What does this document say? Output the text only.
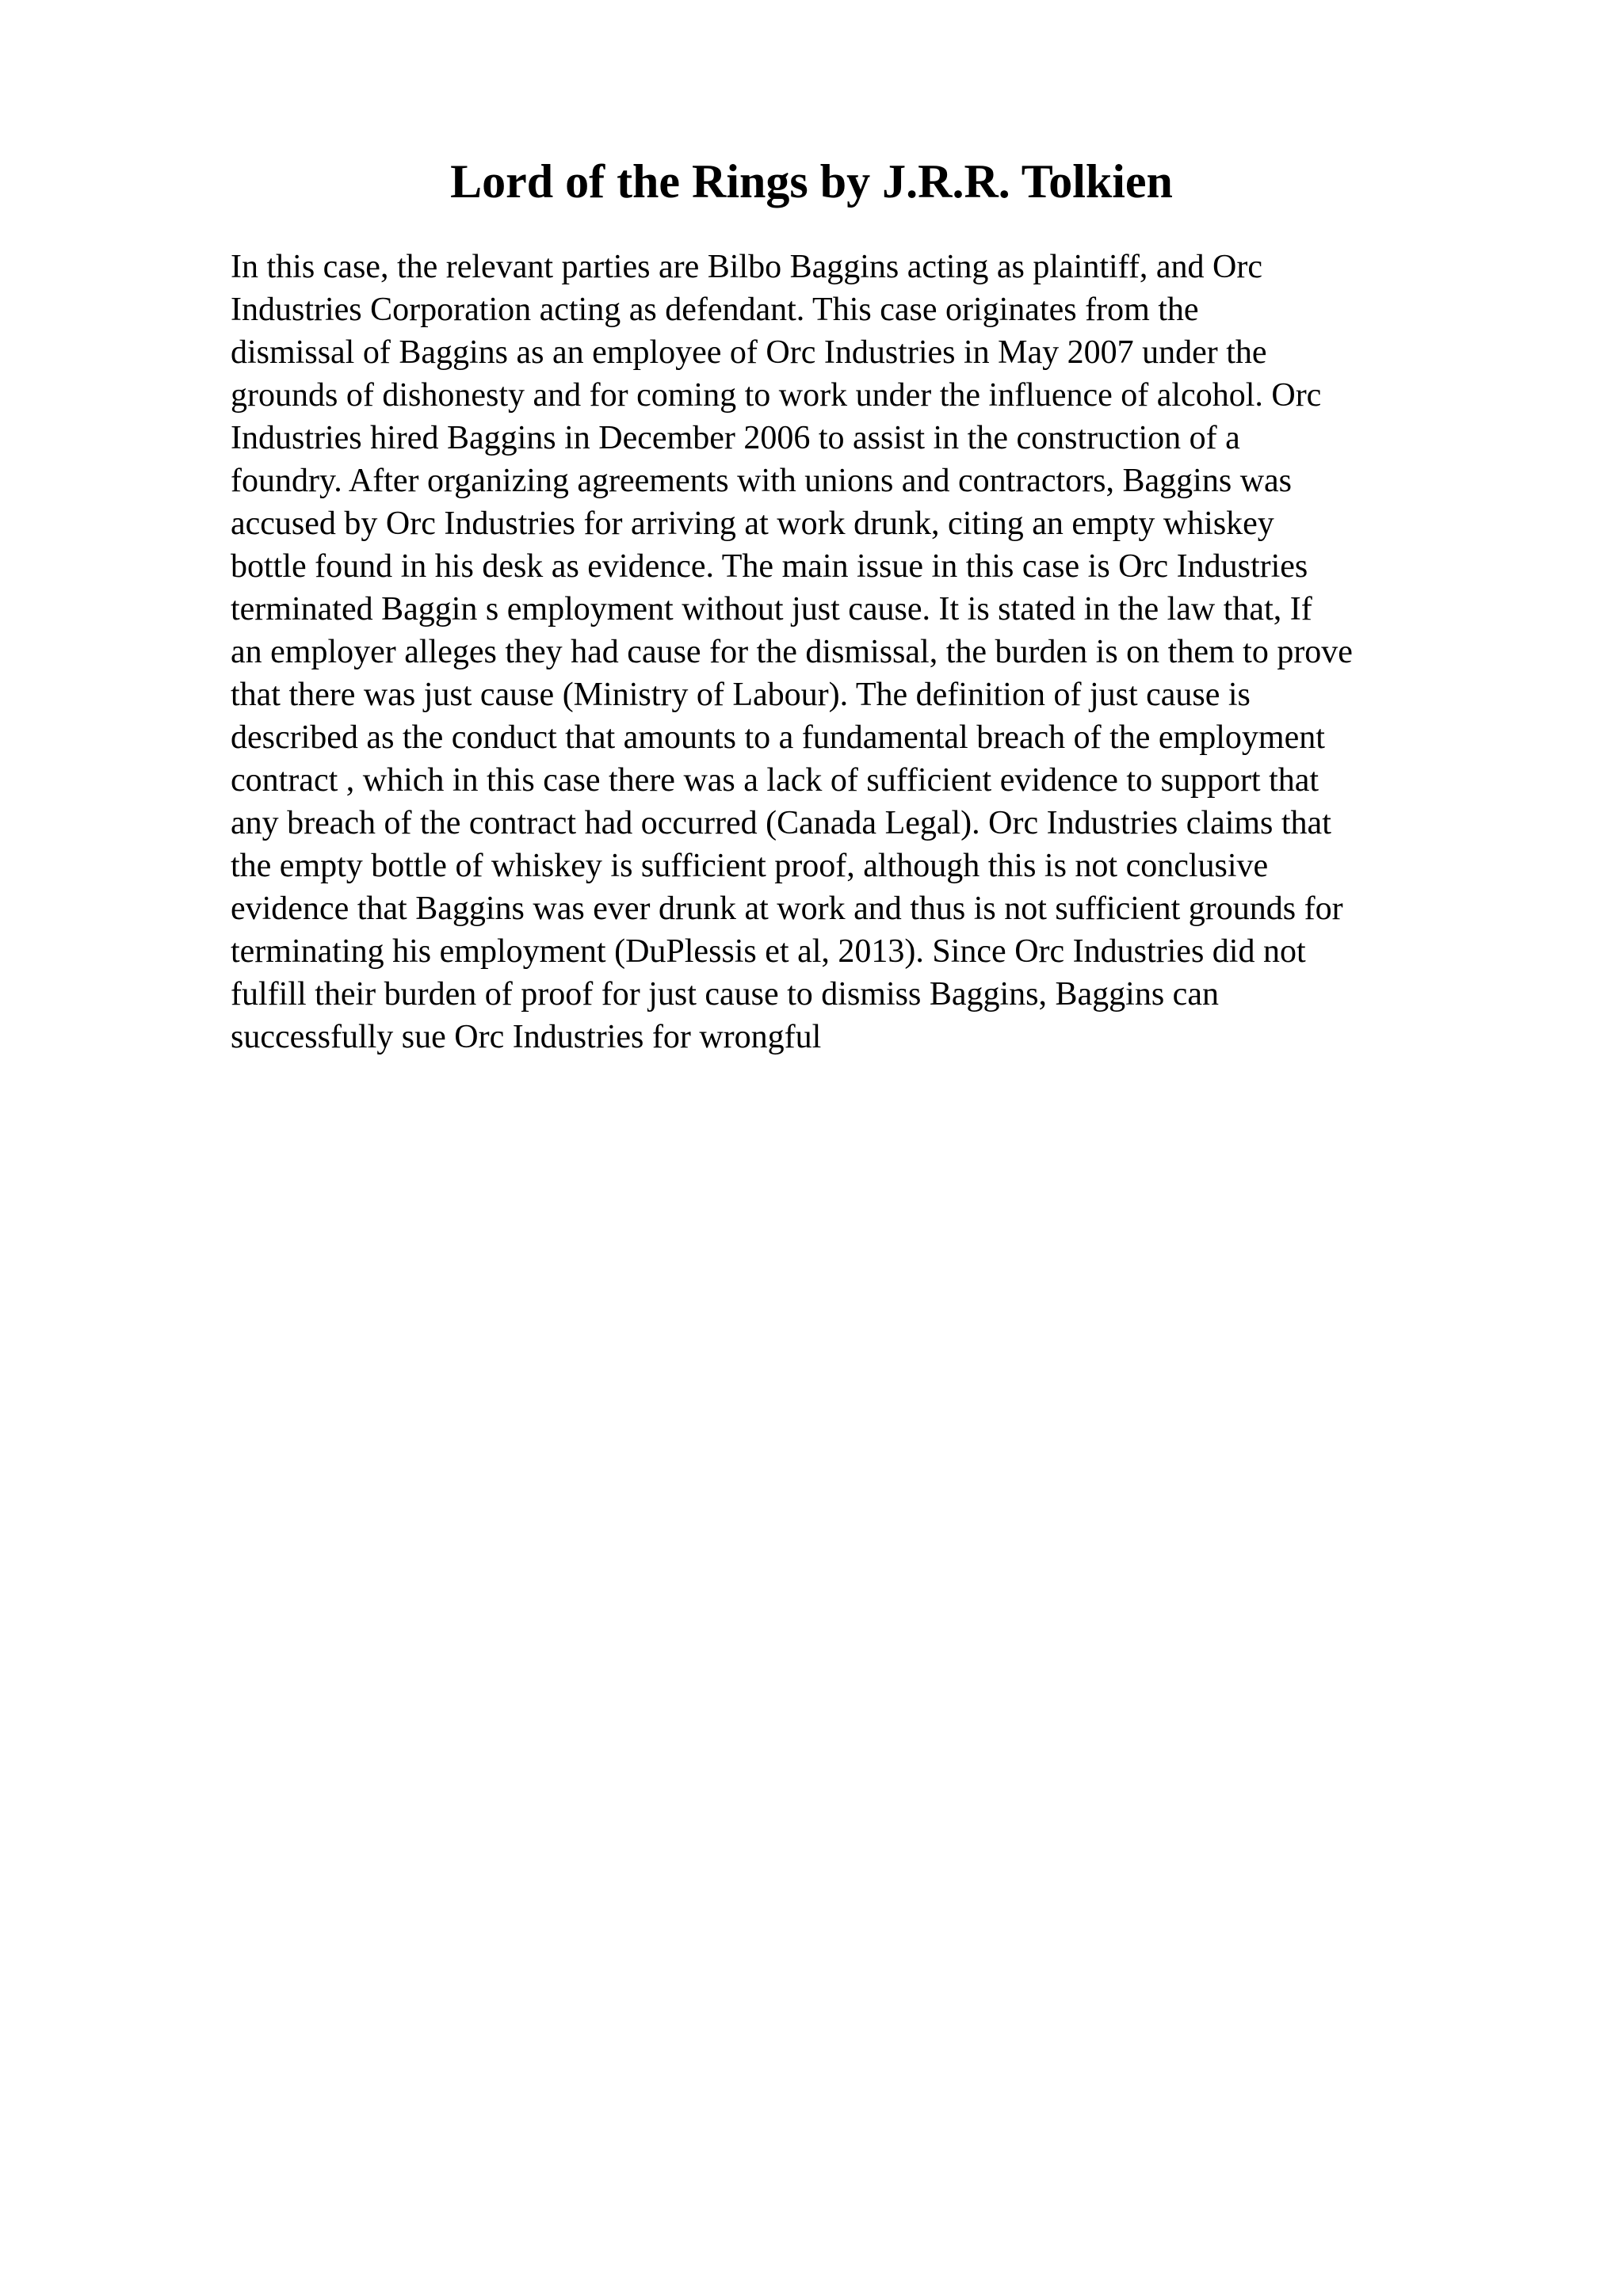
Lord of the Rings by J.R.R. Tolkien
In this case, the relevant parties are Bilbo Baggins acting as plaintiff, and Orc
Industries Corporation acting as defendant. This case originates from the
dismissal of Baggins as an employee of Orc Industries in May 2007 under the
grounds of dishonesty and for coming to work under the influence of alcohol. Orc
Industries hired Baggins in December 2006 to assist in the construction of a
foundry. After organizing agreements with unions and contractors, Baggins was
accused by Orc Industries for arriving at work drunk, citing an empty whiskey
bottle found in his desk as evidence. The main issue in this case is Orc Industries
terminated Baggin s employment without just cause. It is stated in the law that, If
an employer alleges they had cause for the dismissal, the burden is on them to prove
that there was just cause (Ministry of Labour). The definition of just cause is
described as the conduct that amounts to a fundamental breach of the employment
contract , which in this case there was a lack of sufficient evidence to support that
any breach of the contract had occurred (Canada Legal). Orc Industries claims that
the empty bottle of whiskey is sufficient proof, although this is not conclusive
evidence that Baggins was ever drunk at work and thus is not sufficient grounds for
terminating his employment (DuPlessis et al, 2013). Since Orc Industries did not
fulfill their burden of proof for just cause to dismiss Baggins, Baggins can
successfully sue Orc Industries for wrongful
